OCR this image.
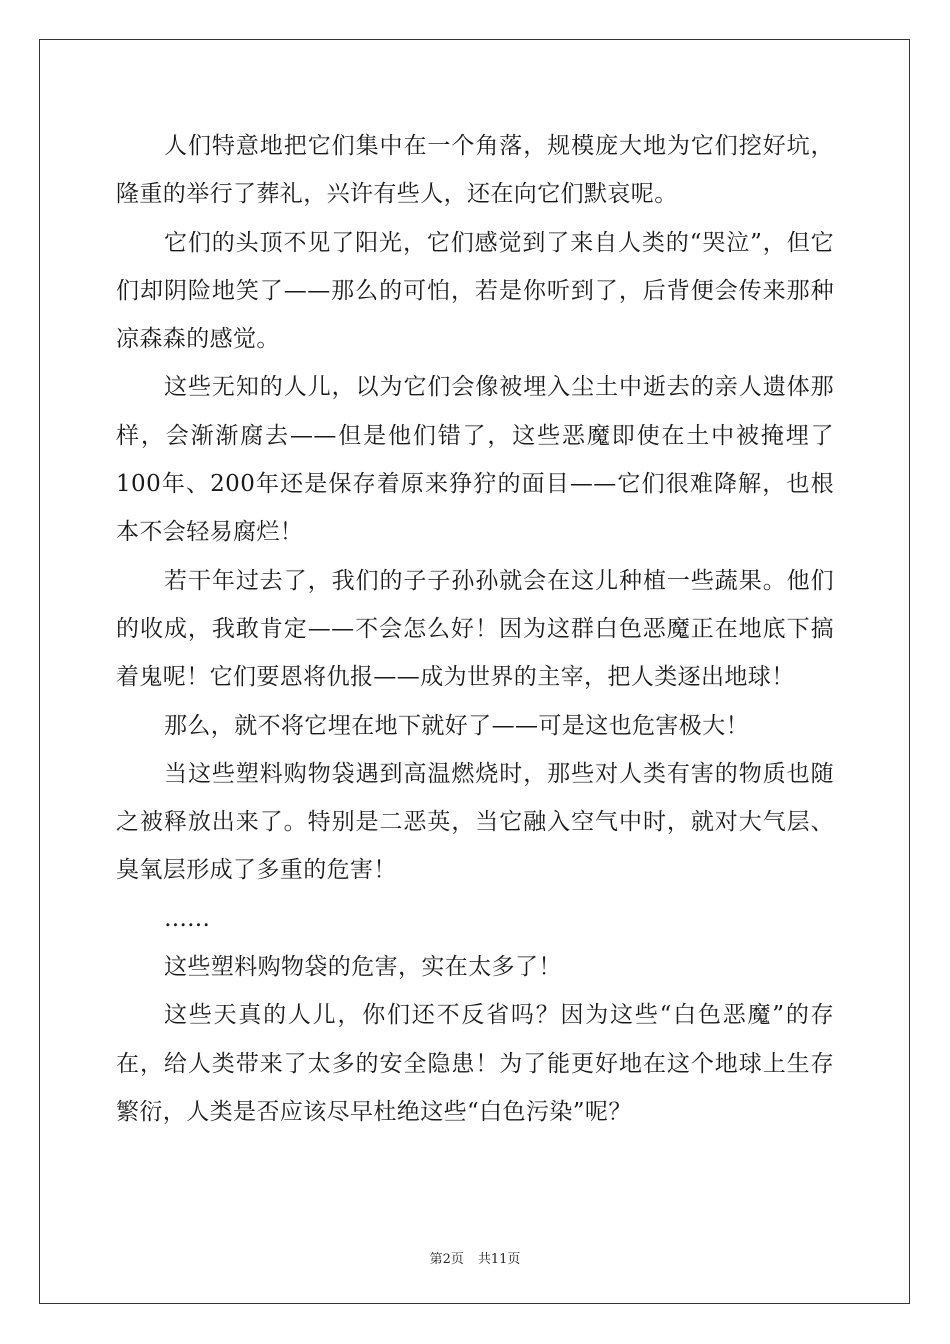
人们特意地把它们集中在一个角落，规模庞大地为它们挖好坑，隆重的举行了葬礼，兴许有些人，还在向它们默哀呢。

它们的头顶不见了阳光，它们感觉到了来自人类的“哭泣”，但它们却阴险地笑了——那么的可怕，若是你听到了，后背便会传来那种凉森森的感觉。

这些无知的人儿，以为它们会像被埋入尘土中逝去的亲人遗体那样，会渐渐腐去——但是他们错了，这些恶魔即使在土中被掩埋了100年、200年还是保存着原来狰狞的面目——它们很难降解，也根本不会轻易腐烂！

若干年过去了，我们的子子孙孙就会在这儿种植一些蔬果。他们的收成，我敢肯定——不会怎么好！因为这群白色恶魔正在地底下搞着鬼呢！它们要恩将仇报——成为世界的主宰，把人类逐出地球！

那么，就不将它埋在地下就好了——可是这也危害极大！

当这些塑料购物袋遇到高温燃烧时，那些对人类有害的物质也随之被释放出来了。特别是二恶英，当它融入空气中时，就对大气层、臭氧层形成了多重的危害！

……

这些塑料购物袋的危害，实在太多了！

这些天真的人儿，你们还不反省吗？因为这些“白色恶魔”的存在，给人类带来了太多的安全隐患！为了能更好地在这个地球上生存繁衍，人类是否应该尽早杜绝这些“白色污染”呢？

第2页 共11页
